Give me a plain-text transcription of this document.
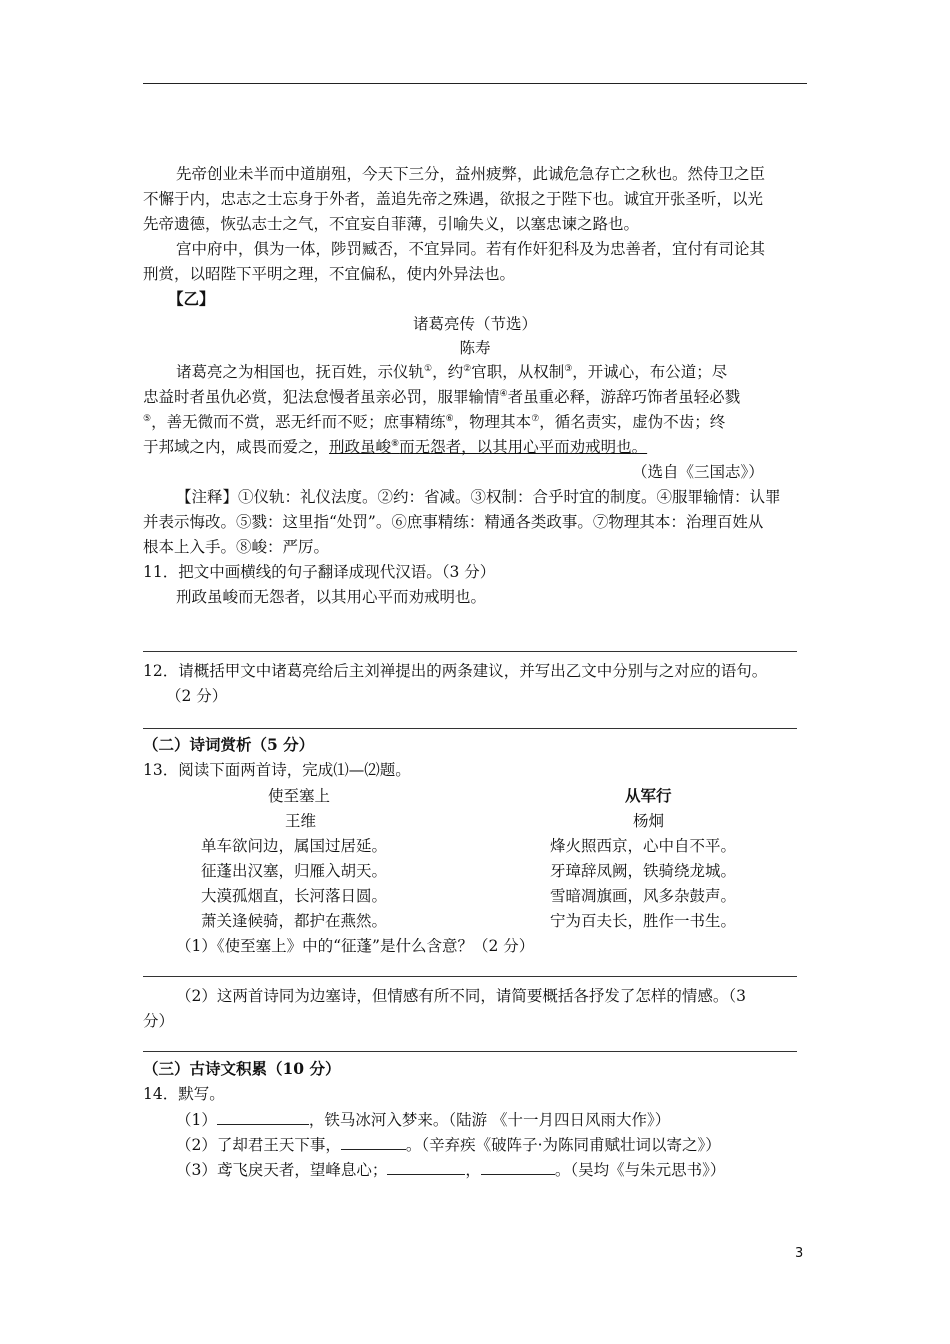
先帝创业未半而中道崩殂，今天下三分，益州疲弊，此诚危急存亡之秋也。然侍卫之臣
不懈于内，忠志之士忘身于外者，盖追先帝之殊遇，欲报之于陛下也。诚宜开张圣听，以光
先帝遗德，恢弘志士之气，不宜妄自菲薄，引喻失义，以塞忠谏之路也。
宫中府中，俱为一体，陟罚臧否，不宜异同。若有作奸犯科及为忠善者，宜付有司论其
刑赏，以昭陛下平明之理，不宜偏私，使内外异法也。
【乙】
诸葛亮传（节选）
陈寿
诸葛亮之为相国也，抚百姓，示仪轨①，约②官职，从权制③，开诚心，布公道；尽
忠益时者虽仇必赏，犯法怠慢者虽亲必罚，服罪输情④者虽重必释，游辞巧饰者虽轻必戮
⑤，善无微而不赏，恶无纤而不贬；庶事精练⑥，物理其本⑦，循名责实，虚伪不齿；终
于邦域之内，咸畏而爱之，刑政虽峻⑧而无怨者，以其用心平而劝戒明也。
（选自《三国志》）
【注释】①仪轨：礼仪法度。②约：省减。③权制：合乎时宜的制度。④服罪输情：认罪
并表示悔改。⑤戮：这里指“处罚”。⑥庶事精练：精通各类政事。⑦物理其本：治理百姓从
根本上入手。⑧峻：严厉。
11．把文中画横线的句子翻译成现代汉语。（3 分）
刑政虽峻而无怨者，以其用心平而劝戒明也。
12．请概括甲文中诸葛亮给后主刘禅提出的两条建议，并写出乙文中分别与之对应的语句。
（2 分）
（二）诗词赏析（5 分）
13．阅读下面两首诗，完成⑴—⑵题。
使至塞上
王维
单车欲问边，属国过居延。
征蓬出汉塞，归雁入胡天。
大漠孤烟直，长河落日圆。
萧关逢候骑，都护在燕然。
从军行
杨炯
烽火照西京，心中自不平。
牙璋辞凤阙，铁骑绕龙城。
雪暗凋旗画，风多杂鼓声。
宁为百夫长，胜作一书生。
（1）《使至塞上》中的“征蓬”是什么含意？（2 分）
（2）这两首诗同为边塞诗，但情感有所不同，请简要概括各抒发了怎样的情感。（3
分）
（三）古诗文积累（10 分）
14．默写。
（1）	，铁马冰河入梦来。（陆游 《十一月四日风雨大作》）
（2）了却君王天下事，	。（辛弃疾《破阵子·为陈同甫赋壮词以寄之》）
（3）鸢飞戾天者，望峰息心；	，	。（吴均《与朱元思书》）
3
